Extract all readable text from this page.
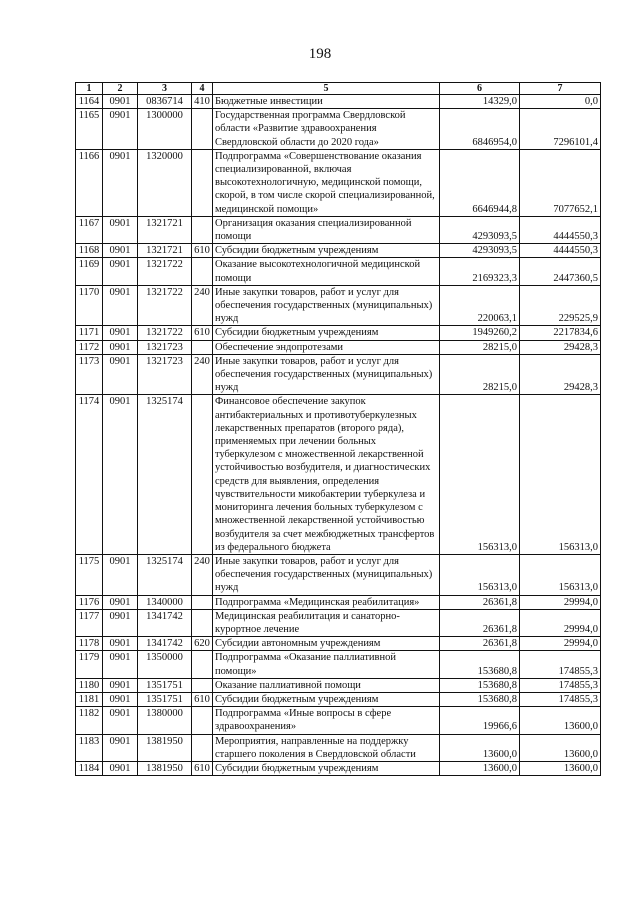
198
1	2	3	4	5	6	7
1164	0901	0836714	410	Бюджетные инвестиции	14329,0	0,0
1165	0901	1300000		Государственная программа Свердловской области «Развитие здравоохранения Свердловской области до 2020 года»	6846954,0	7296101,4
1166	0901	1320000		Подпрограмма «Совершенствование оказания специализированной, включая высокотехнологичную, медицинской помощи, скорой, в том числе скорой специализированной, медицинской помощи»	6646944,8	7077652,1
1167	0901	1321721		Организация оказания специализированной помощи	4293093,5	4444550,3
1168	0901	1321721	610	Субсидии бюджетным учреждениям	4293093,5	4444550,3
1169	0901	1321722		Оказание высокотехнологичной медицинской помощи	2169323,3	2447360,5
1170	0901	1321722	240	Иные закупки товаров, работ и услуг для обеспечения государственных (муниципальных) нужд	220063,1	229525,9
1171	0901	1321722	610	Субсидии бюджетным учреждениям	1949260,2	2217834,6
1172	0901	1321723		Обеспечение эндопротезами	28215,0	29428,3
1173	0901	1321723	240	Иные закупки товаров, работ и услуг для обеспечения государственных (муниципальных) нужд	28215,0	29428,3
1174	0901	1325174		Финансовое обеспечение закупок антибактериальных и противотуберкулезных лекарственных препаратов (второго ряда), применяемых при лечении больных туберкулезом с множественной лекарственной устойчивостью возбудителя, и диагностических средств для выявления, определения чувствительности микобактерии туберкулеза и мониторинга лечения больных туберкулезом с множественной лекарственной устойчивостью возбудителя за счет межбюджетных трансфертов из федерального бюджета	156313,0	156313,0
1175	0901	1325174	240	Иные закупки товаров, работ и услуг для обеспечения государственных (муниципальных) нужд	156313,0	156313,0
1176	0901	1340000		Подпрограмма «Медицинская реабилитация»	26361,8	29994,0
1177	0901	1341742		Медицинская реабилитация и санаторно-курортное лечение	26361,8	29994,0
1178	0901	1341742	620	Субсидии автономным учреждениям	26361,8	29994,0
1179	0901	1350000		Подпрограмма «Оказание паллиативной помощи»	153680,8	174855,3
1180	0901	1351751		Оказание паллиативной помощи	153680,8	174855,3
1181	0901	1351751	610	Субсидии бюджетным учреждениям	153680,8	174855,3
1182	0901	1380000		Подпрограмма «Иные вопросы в сфере здравоохранения»	19966,6	13600,0
1183	0901	1381950		Мероприятия, направленные на поддержку старшего поколения в Свердловской области	13600,0	13600,0
1184	0901	1381950	610	Субсидии бюджетным учреждениям	13600,0	13600,0
